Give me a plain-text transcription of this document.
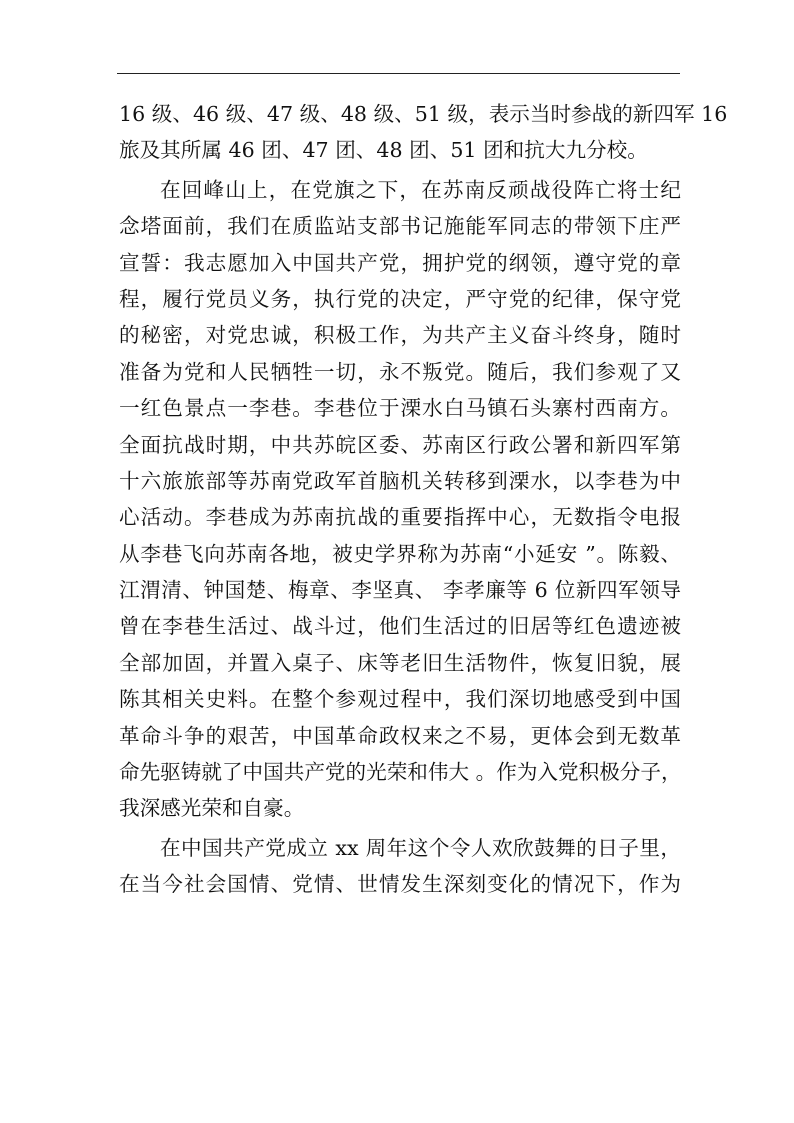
16 级、46 级、47 级、48 级、51 级，表示当时参战的新四军 16
旅及其所属 46 团、47 团、48 团、51 团和抗大九分校。
在回峰山上，在党旗之下，在苏南反顽战役阵亡将士纪
念塔面前，我们在质监站支部书记施能军同志的带领下庄严
宣誓：我志愿加入中国共产党，拥护党的纲领，遵守党的章
程，履行党员义务，执行党的决定，严守党的纪律，保守党
的秘密，对党忠诚，积极工作，为共产主义奋斗终身，随时
准备为党和人民牺牲一切，永不叛党。随后，我们参观了又
一红色景点一李巷。李巷位于溧水白马镇石头寨村西南方。
全面抗战时期，中共苏皖区委、苏南区行政公署和新四军第
十六旅旅部等苏南党政军首脑机关转移到溧水，以李巷为中
心活动。李巷成为苏南抗战的重要指挥中心，无数指令电报
从李巷飞向苏南各地，被史学界称为苏南“小延安 ”。陈毅、
江渭清、钟国楚、梅章、李坚真、 李孝廉等 6 位新四军领导
曾在李巷生活过、战斗过，他们生活过的旧居等红色遗迹被
全部加固，并置入桌子、床等老旧生活物件，恢复旧貌，展
陈其相关史料。在整个参观过程中，我们深切地感受到中国
革命斗争的艰苦，中国革命政权来之不易，更体会到无数革
命先驱铸就了中国共产党的光荣和伟大 。作为入党积极分子，
我深感光荣和自豪。
在中国共产党成立 xx 周年这个令人欢欣鼓舞的日子里，
在当今社会国情、党情、世情发生深刻变化的情况下，作为
